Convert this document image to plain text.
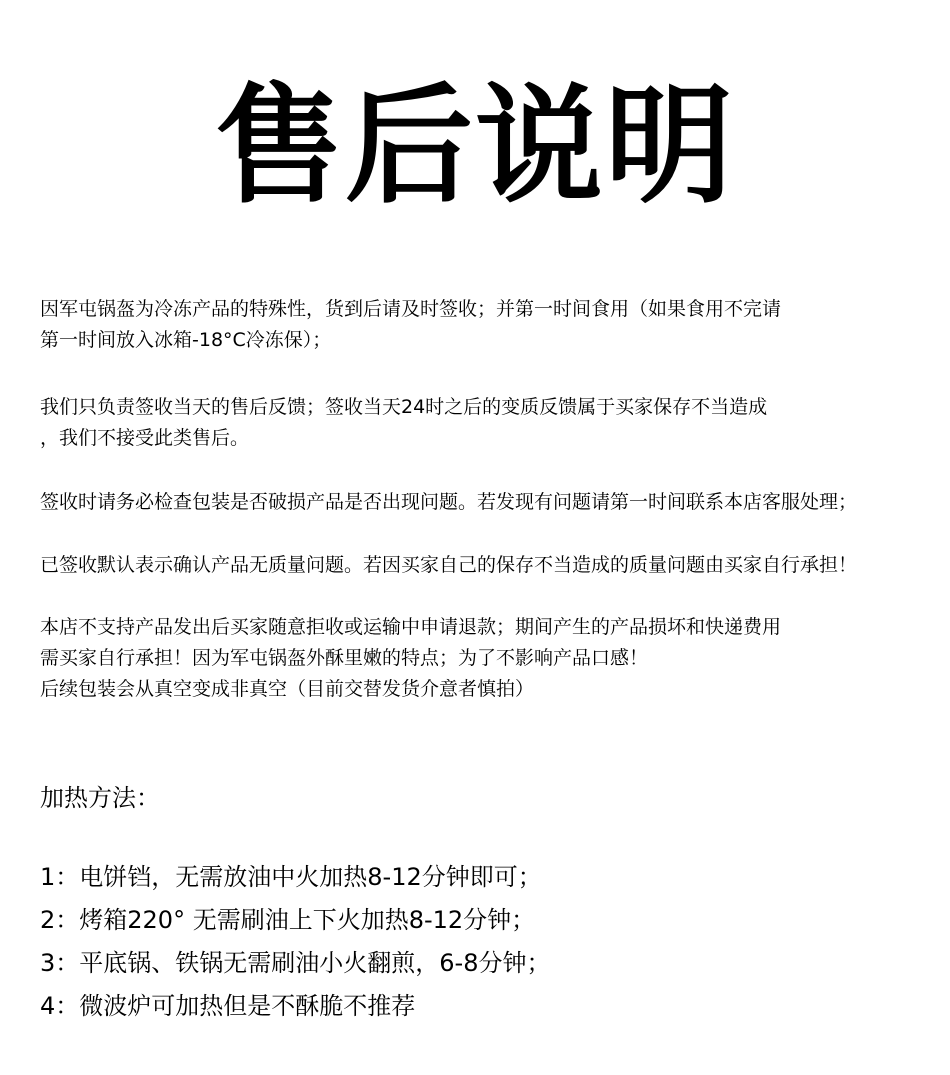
售后说明
因军屯锅盔为冷冻产品的特殊性，货到后请及时签收；并第一时间食用（如果食用不完请
第一时间放入冰箱-18°C冷冻保）；
我们只负责签收当天的售后反馈；签收当天24时之后的变质反馈属于买家保存不当造成
，我们不接受此类售后。
签收时请务必检查包装是否破损产品是否出现问题。若发现有问题请第一时间联系本店客服处理；
已签收默认表示确认产品无质量问题。若因买家自己的保存不当造成的质量问题由买家自行承担！
本店不支持产品发出后买家随意拒收或运输中申请退款；期间产生的产品损坏和快递费用
需买家自行承担！因为军屯锅盔外酥里嫩的特点；为了不影响产品口感！
后续包装会从真空变成非真空（目前交替发货介意者慎拍）
加热方法：
1：电饼铛，无需放油中火加热8-12分钟即可；
2：烤箱220° 无需刷油上下火加热8-12分钟；
3：平底锅、铁锅无需刷油小火翻煎，6-8分钟；
4：微波炉可加热但是不酥脆不推荐
